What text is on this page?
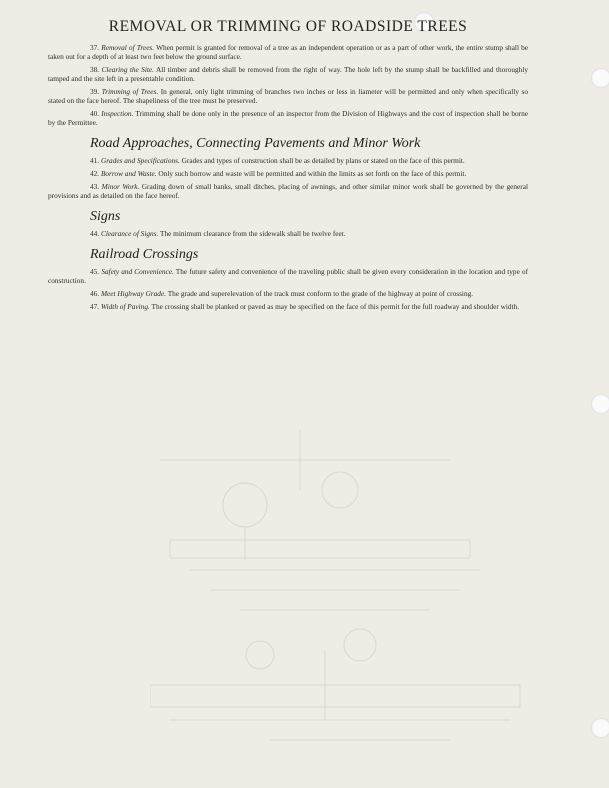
REMOVAL OR TRIMMING OF ROADSIDE TREES

37. Removal of Trees. When permit is granted for removal of a tree as an independent operation or as a part of other work, the entire stump shall be taken out for a depth of at least two feet below the ground surface.

38. Clearing the Site. All timber and debris shall be removed from the right of way. The hole left by the stump shall be backfilled and thoroughly tamped and the site left in a presentable condition.

39. Trimming of Trees. In general, only light trimming of branches two inches or less in liameter will be permitted and only when specifically so stated on the face hereof. The shapeliness of the tree must be preserved.

40. Inspection. Trimming shall be done only in the presence of an inspector from the Division of Highways and the cost of inspection shall be borne by the Permittee.

Road Approaches, Connecting Pavements and Minor Work

41. Grades and Specifications. Grades and types of construction shall be as detailed by plans or stated on the face of this permit.

42. Borrow and Waste. Only such borrow and waste will be permitted and within the limits as set forth on the face of this permit.

43. Minor Work. Grading down of small banks, small ditches, placing of awnings, and other similar minor work shall be governed by the general provisions and as detailed on the face hereof.

Signs

44. Clearance of Signs. The minimum clearance from the sidewalk shall be twelve feet.

Railroad Crossings

45. Safety and Convenience. The future safety and convenience of the traveling public shall be given every consideration in the location and type of construction.

46. Meet Highway Grade. The grade and superelevation of the track must conform to the grade of the highway at point of crossing.

47. Width of Paving. The crossing shall be planked or paved as may be specified on the face of this permit for the full roadway and shoulder width.
